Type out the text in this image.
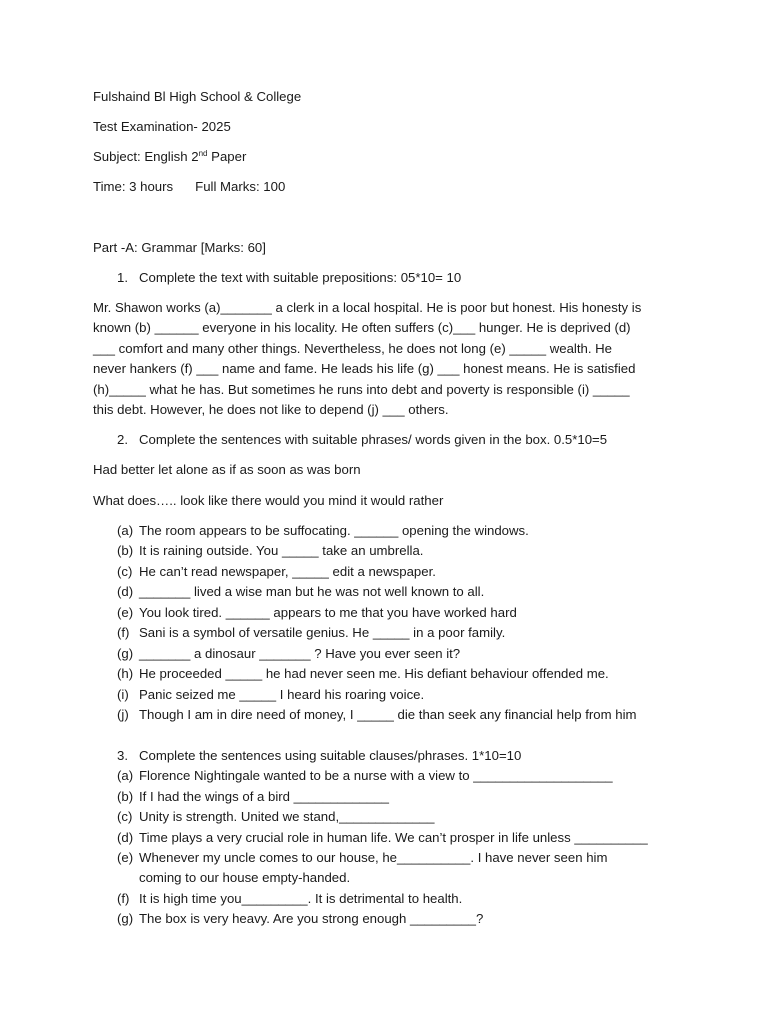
Fulshaind Bl High School & College
Test Examination- 2025
Subject: English 2nd Paper
Time: 3 hours Full Marks: 100
Part -A: Grammar [Marks: 60]
1. Complete the text with suitable prepositions: 05*10= 10
Mr. Shawon works (a)_______ a clerk in a local hospital. He is poor but honest. His honesty is
known (b) ______ everyone in his locality. He often suffers (c)___ hunger. He is deprived (d)
___ comfort and many other things. Nevertheless, he does not long (e) _____ wealth. He
never hankers (f) ___ name and fame. He leads his life (g) ___ honest means. He is satisfied
(h)_____ what he has. But sometimes he runs into debt and poverty is responsible (i) _____
this debt. However, he does not like to depend (j) ___ others.
2. Complete the sentences with suitable phrases/ words given in the box. 0.5*10=5
Had better let alone as if as soon as was born
What does….. look like there would you mind it would rather
(a) The room appears to be suffocating. ______ opening the windows.
(b) It is raining outside. You _____ take an umbrella.
(c) He can’t read newspaper, _____ edit a newspaper.
(d) _______ lived a wise man but he was not well known to all.
(e) You look tired. ______ appears to me that you have worked hard
(f) Sani is a symbol of versatile genius. He _____ in a poor family.
(g) _______ a dinosaur _______ ? Have you ever seen it?
(h) He proceeded _____ he had never seen me. His defiant behaviour offended me.
(i) Panic seized me _____ I heard his roaring voice.
(j) Though I am in dire need of money, I _____ die than seek any financial help from him
3. Complete the sentences using suitable clauses/phrases. 1*10=10
(a) Florence Nightingale wanted to be a nurse with a view to ___________________
(b) If I had the wings of a bird _____________
(c) Unity is strength. United we stand,_____________
(d) Time plays a very crucial role in human life. We can’t prosper in life unless __________
(e) Whenever my uncle comes to our house, he__________. I have never seen him
coming to our house empty-handed.
(f) It is high time you_________. It is detrimental to health.
(g) The box is very heavy. Are you strong enough _________?
